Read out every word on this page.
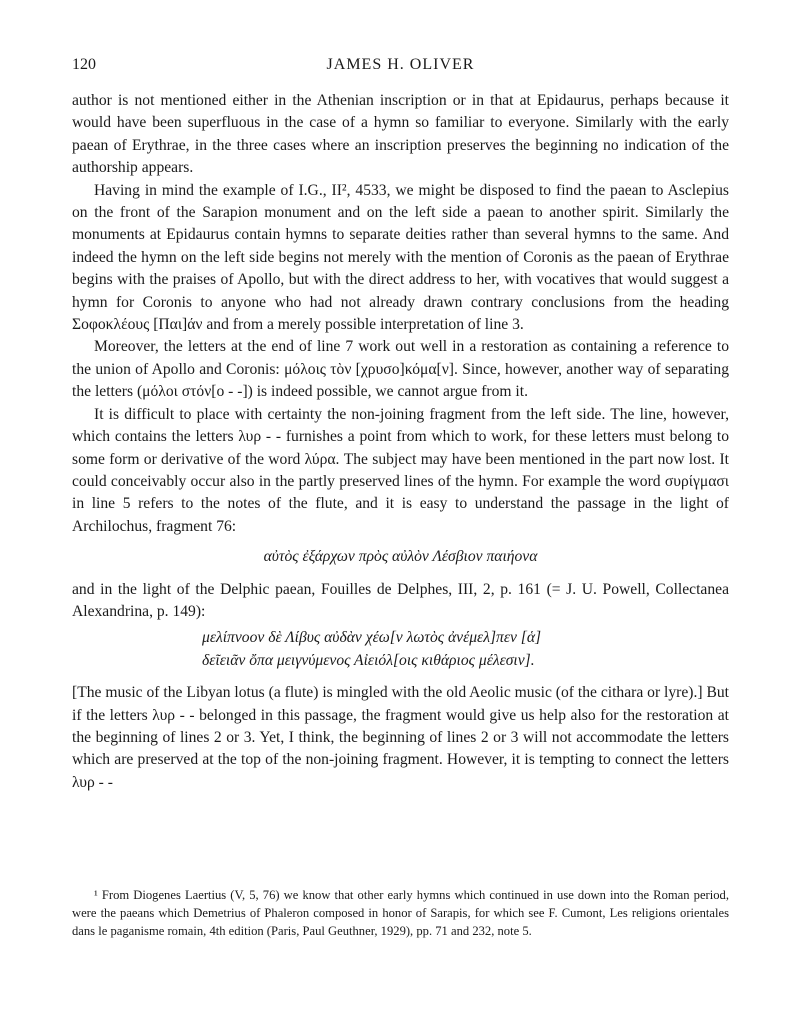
120	JAMES H. OLIVER

author is not mentioned either in the Athenian inscription or in that at Epidaurus, perhaps because it would have been superfluous in the case of a hymn so familiar to everyone. Similarly with the early paean of Erythrae, in the three cases where an inscription preserves the beginning no indication of the authorship appears.

Having in mind the example of I.G., II², 4533, we might be disposed to find the paean to Asclepius on the front of the Sarapion monument and on the left side a paean to another spirit. Similarly the monuments at Epidaurus contain hymns to separate deities rather than several hymns to the same. And indeed the hymn on the left side begins not merely with the mention of Coronis as the paean of Erythrae begins with the praises of Apollo, but with the direct address to her, with vocatives that would suggest a hymn for Coronis to anyone who had not already drawn contrary conclusions from the heading Σοφοκλέους [Παι]άν and from a merely possible interpretation of line 3.

Moreover, the letters at the end of line 7 work out well in a restoration as containing a reference to the union of Apollo and Coronis: μόλοις τὸν [χρυσο]κόμα[ν]. Since, however, another way of separating the letters (μόλοι στόν[ο - -]) is indeed possible, we cannot argue from it.

It is difficult to place with certainty the non-joining fragment from the left side. The line, however, which contains the letters λυρ - - furnishes a point from which to work, for these letters must belong to some form or derivative of the word λύρα. The subject may have been mentioned in the part now lost. It could conceivably occur also in the partly preserved lines of the hymn. For example the word συρίγμασι in line 5 refers to the notes of the flute, and it is easy to understand the passage in the light of Archilochus, fragment 76:

αὐτὸς ἐξάρχων πρὸς αὐλὸν Λέσβιον παιήονα

and in the light of the Delphic paean, Fouilles de Delphes, III, 2, p. 161 (= J. U. Powell, Collectanea Alexandrina, p. 149):

μελίπνοον δὲ Λίβυς αὐδὰν χέω[ν λωτὸς ἀνέμελ]πεν [ἁ]
δεῖειᾶν ὄπα μειγνύμενος Αἰειόλ[οις κιθάριος μέλεσιν].

[The music of the Libyan lotus (a flute) is mingled with the old Aeolic music (of the cithara or lyre).] But if the letters λυρ - - belonged in this passage, the fragment would give us help also for the restoration at the beginning of lines 2 or 3. Yet, I think, the beginning of lines 2 or 3 will not accommodate the letters which are preserved at the top of the non-joining fragment. However, it is tempting to connect the letters λυρ - -

¹ From Diogenes Laertius (V, 5, 76) we know that other early hymns which continued in use down into the Roman period, were the paeans which Demetrius of Phaleron composed in honor of Sarapis, for which see F. Cumont, Les religions orientales dans le paganisme romain, 4th edition (Paris, Paul Geuthner, 1929), pp. 71 and 232, note 5.
